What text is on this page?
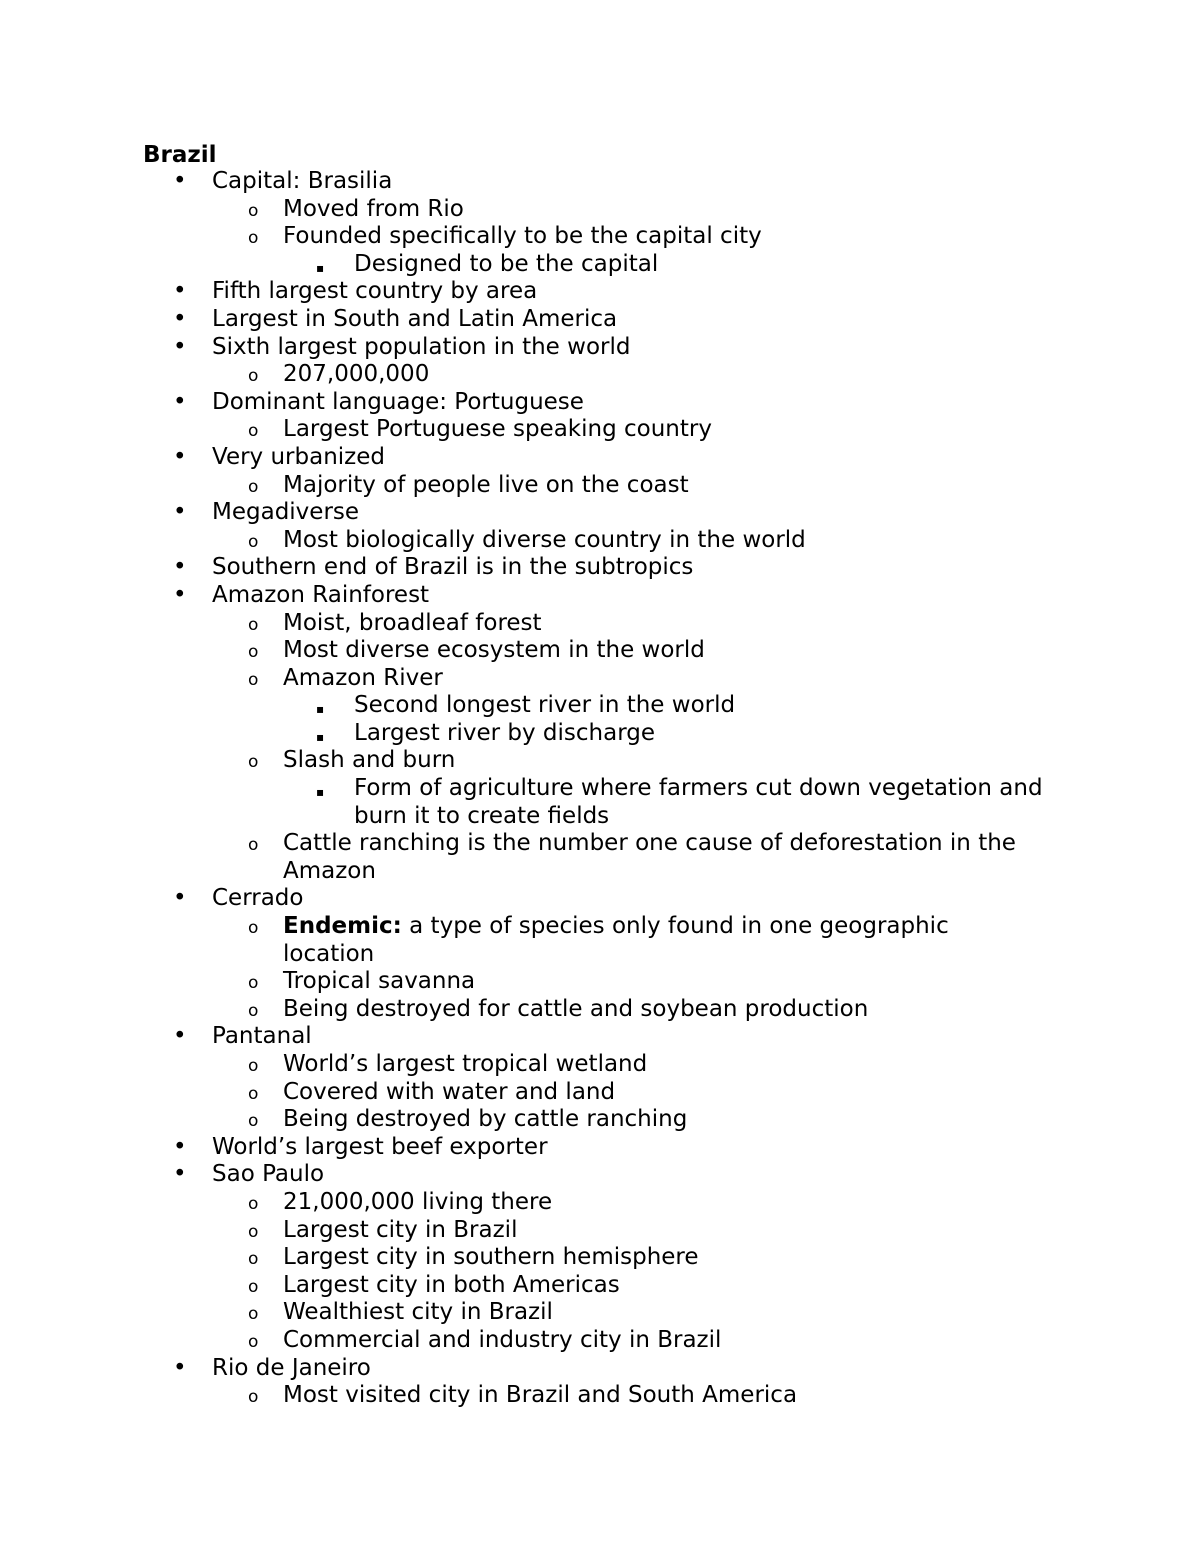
Brazil
• Capital: Brasilia
o Moved from Rio
o Founded specifically to be the capital city
▪ Designed to be the capital
• Fifth largest country by area
• Largest in South and Latin America
• Sixth largest population in the world
o 207,000,000
• Dominant language: Portuguese
o Largest Portuguese speaking country
• Very urbanized
o Majority of people live on the coast
• Megadiverse
o Most biologically diverse country in the world
• Southern end of Brazil is in the subtropics
• Amazon Rainforest
o Moist, broadleaf forest
o Most diverse ecosystem in the world
o Amazon River
▪ Second longest river in the world
▪ Largest river by discharge
o Slash and burn
▪ Form of agriculture where farmers cut down vegetation and
burn it to create fields
o Cattle ranching is the number one cause of deforestation in the
Amazon
• Cerrado
o Endemic: a type of species only found in one geographic
location
o Tropical savanna
o Being destroyed for cattle and soybean production
• Pantanal
o World’s largest tropical wetland
o Covered with water and land
o Being destroyed by cattle ranching
• World’s largest beef exporter
• Sao Paulo
o 21,000,000 living there
o Largest city in Brazil
o Largest city in southern hemisphere
o Largest city in both Americas
o Wealthiest city in Brazil
o Commercial and industry city in Brazil
• Rio de Janeiro
o Most visited city in Brazil and South America
